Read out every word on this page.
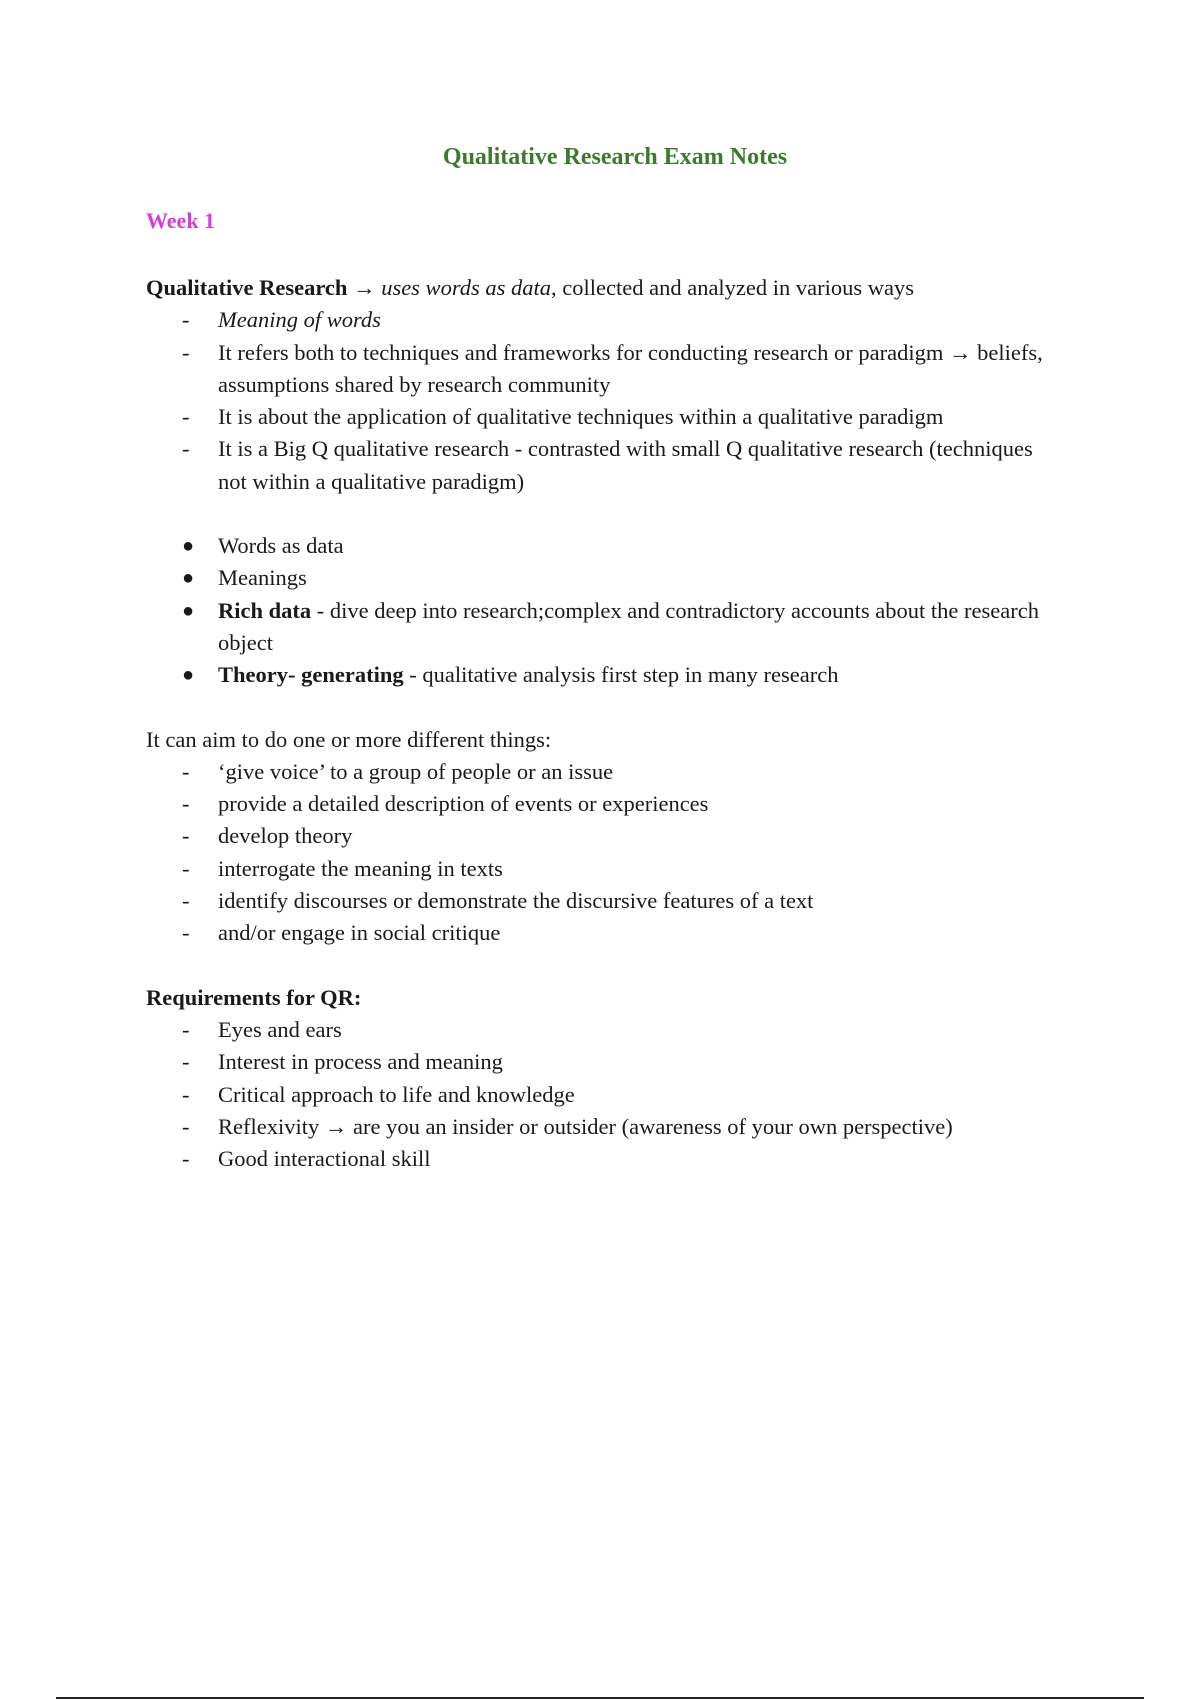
Qualitative Research Exam Notes
Week 1

Qualitative Research → uses words as data, collected and analyzed in various ways

- Meaning of words
- It refers both to techniques and frameworks for conducting research or paradigm → beliefs, assumptions shared by research community
- It is about the application of qualitative techniques within a qualitative paradigm
- It is a Big Q qualitative research - contrasted with small Q qualitative research (techniques not within a qualitative paradigm)
● Words as data
● Meanings
● Rich data - dive deep into research;complex and contradictory accounts about the research object
● Theory- generating - qualitative analysis first step in many research

It can aim to do one or more different things:

- ‘give voice’ to a group of people or an issue
- provide a detailed description of events or experiences
- develop theory
- interrogate the meaning in texts
- identify discourses or demonstrate the discursive features of a text
- and/or engage in social critique

Requirements for QR:

- Eyes and ears
- Interest in process and meaning
- Critical approach to life and knowledge
- Reflexivity → are you an insider or outsider (awareness of your own perspective)
- Good interactional skill
